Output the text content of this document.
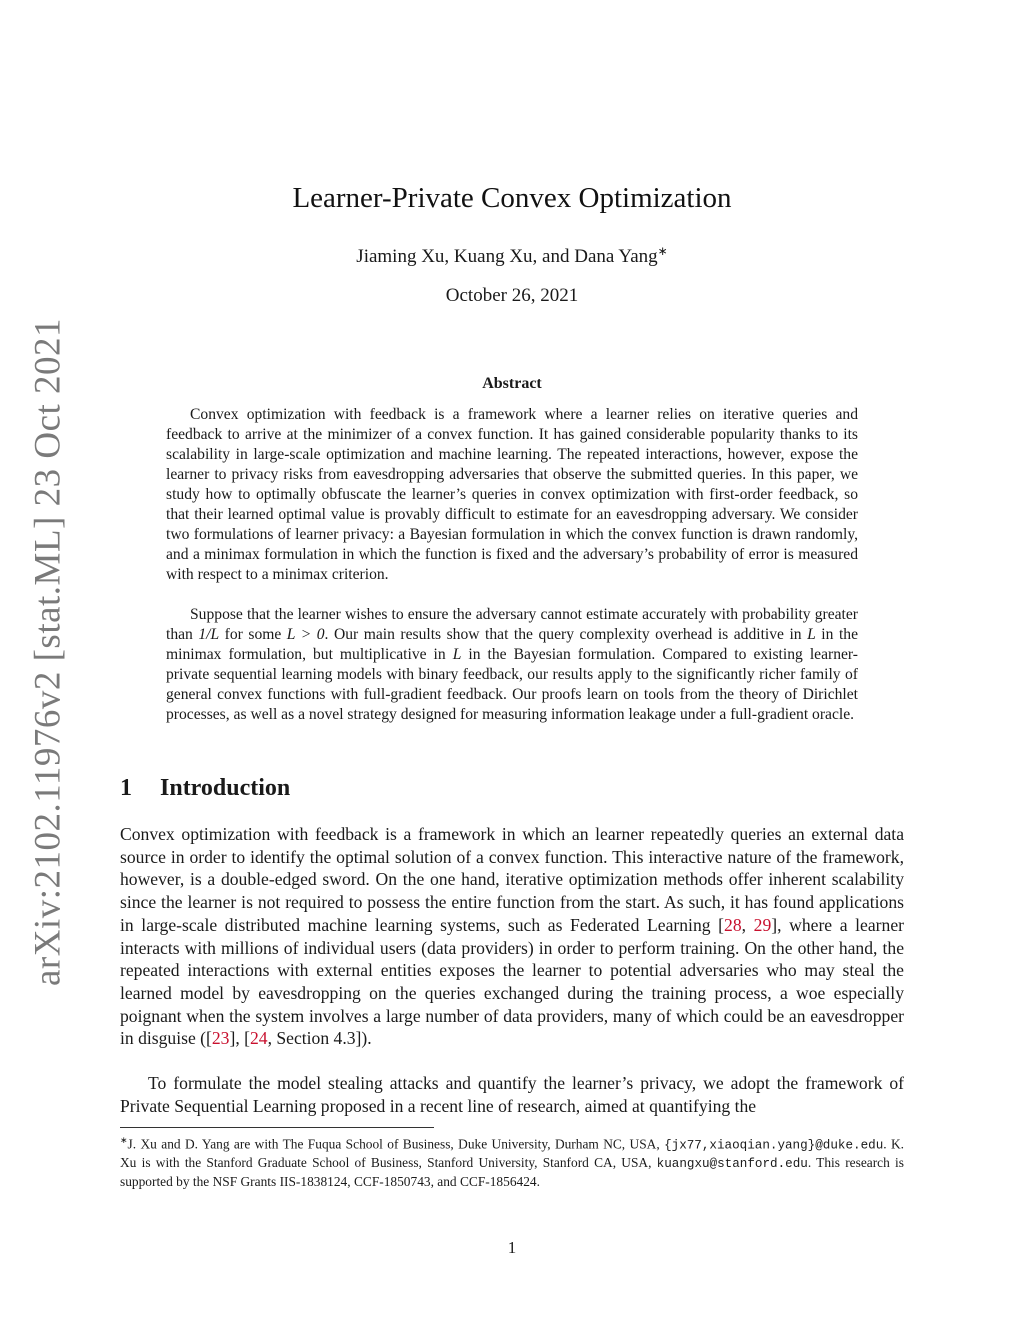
arXiv:2102.11976v2 [stat.ML] 23 Oct 2021
Learner-Private Convex Optimization
Jiaming Xu, Kuang Xu, and Dana Yang∗
October 26, 2021
Abstract

Convex optimization with feedback is a framework where a learner relies on iterative queries and feedback to arrive at the minimizer of a convex function. It has gained considerable popularity thanks to its scalability in large-scale optimization and machine learning. The repeated interactions, however, expose the learner to privacy risks from eavesdropping adversaries that observe the submitted queries. In this paper, we study how to optimally obfuscate the learner’s queries in convex optimization with first-order feedback, so that their learned optimal value is provably difficult to estimate for an eavesdropping adversary. We consider two formulations of learner privacy: a Bayesian formulation in which the convex function is drawn randomly, and a minimax formulation in which the function is fixed and the adversary’s probability of error is measured with respect to a minimax criterion.

Suppose that the learner wishes to ensure the adversary cannot estimate accurately with probability greater than 1/L for some L > 0. Our main results show that the query complexity overhead is additive in L in the minimax formulation, but multiplicative in L in the Bayesian formulation. Compared to existing learner-private sequential learning models with binary feedback, our results apply to the significantly richer family of general convex functions with full-gradient feedback. Our proofs learn on tools from the theory of Dirichlet processes, as well as a novel strategy designed for measuring information leakage under a full-gradient oracle.

1 Introduction

Convex optimization with feedback is a framework in which an learner repeatedly queries an external data source in order to identify the optimal solution of a convex function. This interactive nature of the framework, however, is a double-edged sword. On the one hand, iterative optimization methods offer inherent scalability since the learner is not required to possess the entire function from the start. As such, it has found applications in large-scale distributed machine learning systems, such as Federated Learning [28, 29], where a learner interacts with millions of individual users (data providers) in order to perform training. On the other hand, the repeated interactions with external entities exposes the learner to potential adversaries who may steal the learned model by eavesdropping on the queries exchanged during the training process, a woe especially poignant when the system involves a large number of data providers, many of which could be an eavesdropper in disguise ([23], [24, Section 4.3]).

To formulate the model stealing attacks and quantify the learner’s privacy, we adopt the framework of Private Sequential Learning proposed in a recent line of research, aimed at quantifying the

∗J. Xu and D. Yang are with The Fuqua School of Business, Duke University, Durham NC, USA, {jx77,xiaoqian.yang}@duke.edu. K. Xu is with the Stanford Graduate School of Business, Stanford University, Stanford CA, USA, kuangxu@stanford.edu. This research is supported by the NSF Grants IIS-1838124, CCF-1850743, and CCF-1856424.

1
